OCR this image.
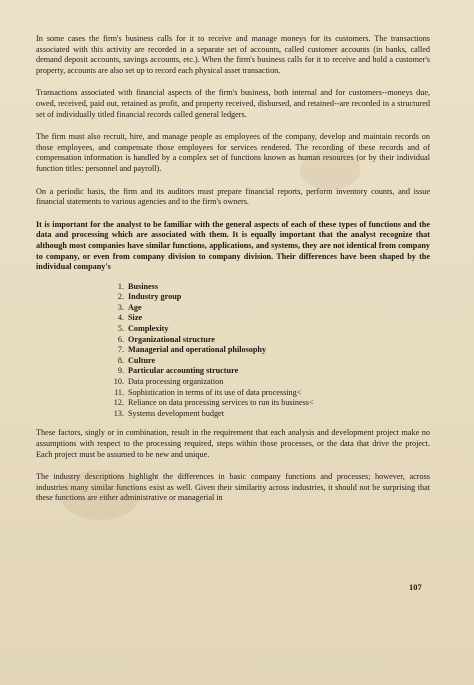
In some cases the firm's business calls for it to receive and manage moneys for its customers. The transactions associated with this activity are recorded in a separate set of accounts, called customer accounts (in banks, called demand deposit accounts, savings accounts, etc.). When the firm's business calls for it to receive and hold a customer's property, accounts are also set up to record each physical asset transaction.

Transactions associated with financial aspects of the firm's business, both internal and for customers--moneys due, owed, received, paid out, retained as profit, and property received, disbursed, and retained--are recorded in a structured set of individually titled financial records called general ledgers.

The firm must also recruit, hire, and manage people as employees of the company, develop and maintain records on those employees, and compensate those employees for services rendered. The recording of these records and of compensation information is handled by a complex set of functions known as human resources (or by their individual function titles: personnel and payroll).

On a periodic basis, the firm and its auditors must prepare financial reports, perform inventory counts, and issue financial statements to various agencies and to the firm's owners.

It is important for the analyst to be familiar with the general aspects of each of these types of functions and the data and processing which are associated with them. It is equally important that the analyst recognize that although most companies have similar functions, applications, and systems, they are not identical from company to company, or even from company division to company division. Their differences have been shaped by the individual company's

1. Business
2. Industry group
3. Age
4. Size
5. Complexity
6. Organizational structure
7. Managerial and operational philosophy
8. Culture
9. Particular accounting structure
10. Data processing organization
11. Sophistication in terms of its use of data processing<
12. Reliance on data processing services to run its business<
13. Systems development budget

These factors, singly or in combination, result in the requirement that each analysis and development project make no assumptions with respect to the processing required, steps within those processes, or the data that drive the project. Each project must be assumed to be new and unique.

The industry descriptions highlight the differences in basic company functions and processes; however, across industries many similar functions exist as well. Given their similarity across industries, it should not be surprising that these functions are either administrative or managerial in

107
